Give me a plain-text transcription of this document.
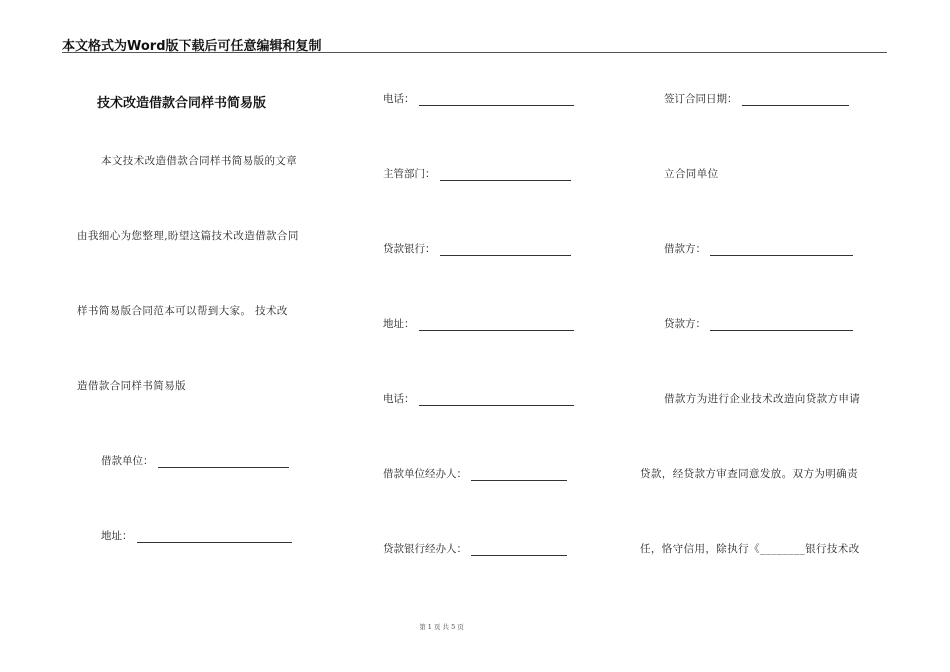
本文格式为Word版下载后可任意编辑和复制
技术改造借款合同样书简易版
本文技术改造借款合同样书简易版的文章
由我细心为您整理,盼望这篇技术改造借款合同
样书简易版合同范本可以帮到大家。 技术改
造借款合同样书简易版
借款单位：
地址：
电话：
主管部门：
贷款银行：
地址：
电话：
借款单位经办人：
贷款银行经办人：
签订合同日期：
立合同单位
借款方：
贷款方：
借款方为进行企业技术改造向贷款方申请
贷款，经贷款方审查同意发放。双方为明确责
任，恪守信用，除执行《________银行技术改
第 1 页 共 5 页
